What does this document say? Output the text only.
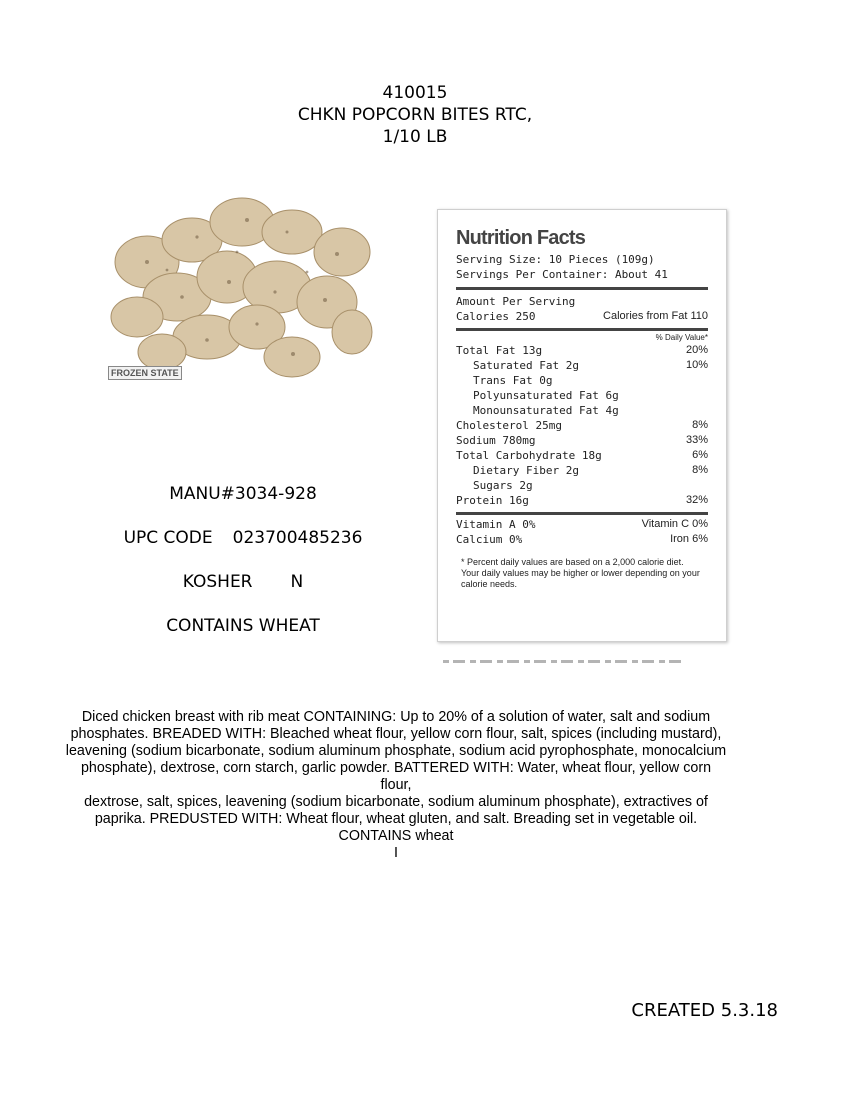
410015
CHKN POPCORN BITES RTC,
1/10 LB
FROZEN STATE
MANU#3034-928
UPC CODE 023700485236
KOSHER N
CONTAINS WHEAT
Nutrition Facts
Serving Size: 10 Pieces (109g)
Servings Per Container: About 41
Amount Per Serving
Calories 250	Calories from Fat 110
% Daily Value*
Total Fat 13g	20%
Saturated Fat 2g	10%
Trans Fat 0g
Polyunsaturated Fat 6g
Monounsaturated Fat 4g
Cholesterol 25mg	8%
Sodium 780mg	33%
Total Carbohydrate 18g	6%
Dietary Fiber 2g	8%
Sugars 2g
Protein 16g	32%
Vitamin A 0%	Vitamin C 0%
Calcium 0%	Iron 6%
* Percent daily values are based on a 2,000 calorie diet. Your daily values may be higher or lower depending on your calorie needs.
Diced chicken breast with rib meat CONTAINING: Up to 20% of a solution of water, salt and sodium
phosphates. BREADED WITH: Bleached wheat flour, yellow corn flour, salt, spices (including mustard),
leavening (sodium bicarbonate, sodium aluminum phosphate, sodium acid pyrophosphate, monocalcium
phosphate), dextrose, corn starch, garlic powder. BATTERED WITH: Water, wheat flour, yellow corn
flour,
dextrose, salt, spices, leavening (sodium bicarbonate, sodium aluminum phosphate), extractives of
paprika. PREDUSTED WITH: Wheat flour, wheat gluten, and salt. Breading set in vegetable oil.
CONTAINS wheat
I
CREATED 5.3.18
